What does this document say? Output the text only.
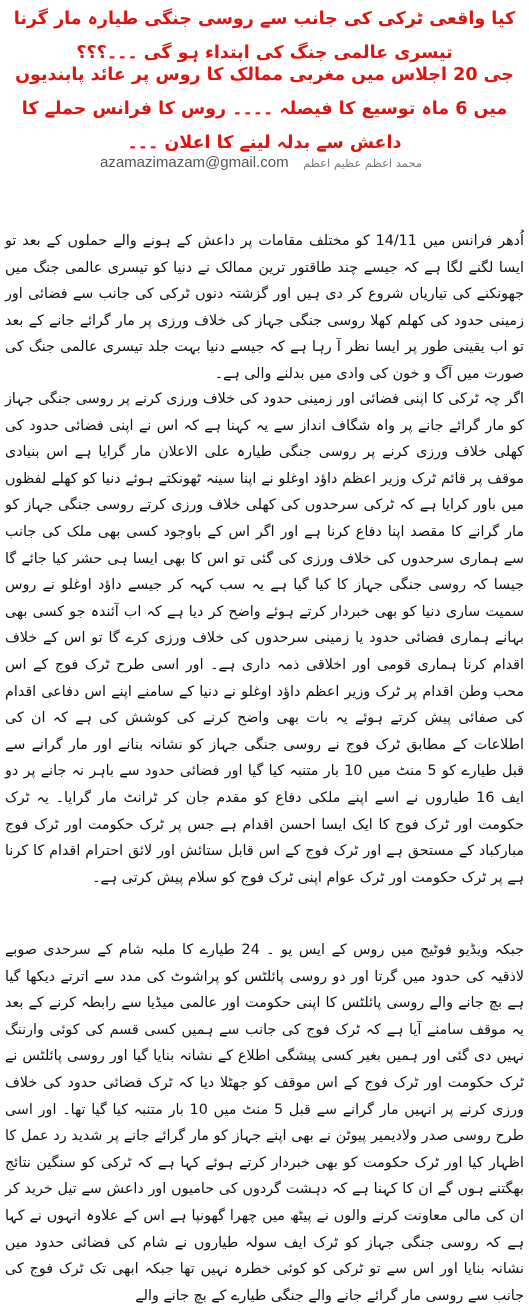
کیا واقعی ٹرکی کی جانب سے روسی جنگی طیارہ مار گرنا تیسری عالمی جنگ کی ابتداء ہو گی ۔۔۔؟؟؟
جی 20 اجلاس میں مغربی ممالک کا روس پر عائد پابندیوں میں 6 ماہ توسیع کا فیصلہ ۔۔۔۔ روس کا فرانس حملے کا داعش سے بدلہ لینے کا اعلان ۔۔۔
azamazimazam@gmail.com محمد اعظم عظیم اعظم

اُدھر فرانس میں 14/11 کو مختلف مقامات پر داعش کے ہونے والے حملوں کے بعد تو ایسا لگنے لگا ہے کہ جیسے چند طاقتور ترین ممالک نے دنیا کو تیسری عالمی جنگ میں جھونکنے کی تیاریاں شروع کر دی ہیں اور گزشتہ دنوں ٹرکی کی جانب سے فضائی اور زمینی حدود کی کھلم کھلا روسی جنگی جہاز کی خلاف ورزی پر مار گرائے جانے کے بعد تو اب یقینی طور پر ایسا نظر آ رہا ہے کہ جیسے دنیا بہت جلد تیسری عالمی جنگ کی صورت میں آگ و خون کی وادی میں بدلنے والی ہے۔

اگر چہ ٹرکی کا اپنی فضائی اور زمینی حدود کی خلاف ورزی کرنے پر روسی جنگی جہاز کو مار گرائے جانے پر واہ شگاف انداز سے یہ کہنا ہے کہ اس نے اپنی فضائی حدود کی کھلی خلاف ورزی کرنے پر روسی جنگی طیارہ علی الاعلان مار گرایا ہے اس بنیادی موقف پر قائم ٹرک وزیر اعظم داؤد اوغلو نے اپنا سینہ ٹھونکتے ہوئے دنیا کو کھلے لفظوں میں باور کرایا ہے کہ ٹرکی سرحدوں کی کھلی خلاف ورزی کرتے روسی جنگی جہاز کو مار گرانے کا مقصد اپنا دفاع کرنا ہے اور اگر اس کے باوجود کسی بھی ملک کی جانب سے ہماری سرحدوں کی خلاف ورزی کی گئی تو اس کا بھی ایسا ہی حشر کیا جائے گا جیسا کہ روسی جنگی جہاز کا کیا گیا ہے یہ سب کہہ کر جیسے داؤد اوغلو نے روس سمیت ساری دنیا کو بھی خبردار کرتے ہوئے واضح کر دیا ہے کہ اب آئندہ جو کسی بھی بہانے ہماری فضائی حدود یا زمینی سرحدوں کی خلاف ورزی کرے گا تو اس کے خلاف اقدام کرنا ہماری قومی اور اخلاقی ذمہ داری ہے۔ اور اسی طرح ٹرک فوج کے اس محب وطن اقدام پر ٹرک وزیر اعظم داؤد اوغلو نے دنیا کے سامنے اپنے اس دفاعی اقدام کی صفائی پیش کرتے ہوئے یہ بات بھی واضح کرنے کی کوشش کی ہے کہ ان کی اطلاعات کے مطابق ٹرک فوج نے روسی جنگی جہاز کو نشانہ بنانے اور مار گرانے سے قبل طیارے کو 5 منٹ میں 10 بار متنبہ کیا گیا اور فضائی حدود سے باہر نہ جانے پر دو ایف 16 طیاروں نے اسے اپنے ملکی دفاع کو مقدم جان کر ٹرانٹ مار گرایا۔ یہ ٹرک حکومت اور ٹرک فوج کا ایک ایسا احسن اقدام ہے جس پر ٹرک حکومت اور ٹرک فوج مبارکباد کے مستحق ہے اور ٹرک فوج کے اس قابل ستائش اور لائق احترام اقدام کا کرنا ہے پر ٹرک حکومت اور ٹرک عوام اپنی ٹرک فوج کو سلام پیش کرتی ہے۔

جبکہ ویڈیو فوٹیج میں روس کے ایس یو ۔ 24 طیارے کا ملبہ شام کے سرحدی صوبے لاذقیہ کی حدود میں گرتا اور دو روسی پائلٹس کو پراشوٹ کی مدد سے اترتے دیکھا گیا ہے بچ جانے والے روسی پائلٹس کا اپنی حکومت اور عالمی میڈیا سے رابطہ کرنے کے بعد یہ موقف سامنے آیا ہے کہ ٹرک فوج کی جانب سے ہمیں کسی قسم کی کوئی وارننگ نہیں دی گئی اور ہمیں بغیر کسی پیشگی اطلاع کے نشانہ بنایا گیا اور روسی پائلٹس نے ٹرک حکومت اور ٹرک فوج کے اس موقف کو جھٹلا دیا کہ ٹرک فضائی حدود کی خلاف ورزی کرنے پر انہیں مار گرانے سے قبل 5 منٹ میں 10 بار متنبہ کیا گیا تھا۔ اور اسی طرح روسی صدر ولادیمیر پیوٹن نے بھی اپنے جہاز کو مار گرائے جانے پر شدید رد عمل کا اظہار کیا اور ٹرک حکومت کو بھی خبردار کرتے ہوئے کہا ہے کہ ٹرکی کو سنگین نتائج بھگتنے ہوں گے ان کا کہنا ہے کہ دہشت گردوں کی حامیوں اور داعش سے تیل خرید کر ان کی مالی معاونت کرنے والوں نے پیٹھ میں چھرا گھونپا ہے اس کے علاوہ انہوں نے کہا ہے کہ روسی جنگی جہاز کو ٹرک ایف سولہ طیاروں نے شام کی فضائی حدود میں نشانہ بنایا اور اس سے تو ٹرکی کو کوئی خطرہ نہیں تھا جبکہ ابھی تک ٹرک فوج کی جانب سے روسی مار گرائے جانے والے جنگی طیارے کے بچ جانے والے
